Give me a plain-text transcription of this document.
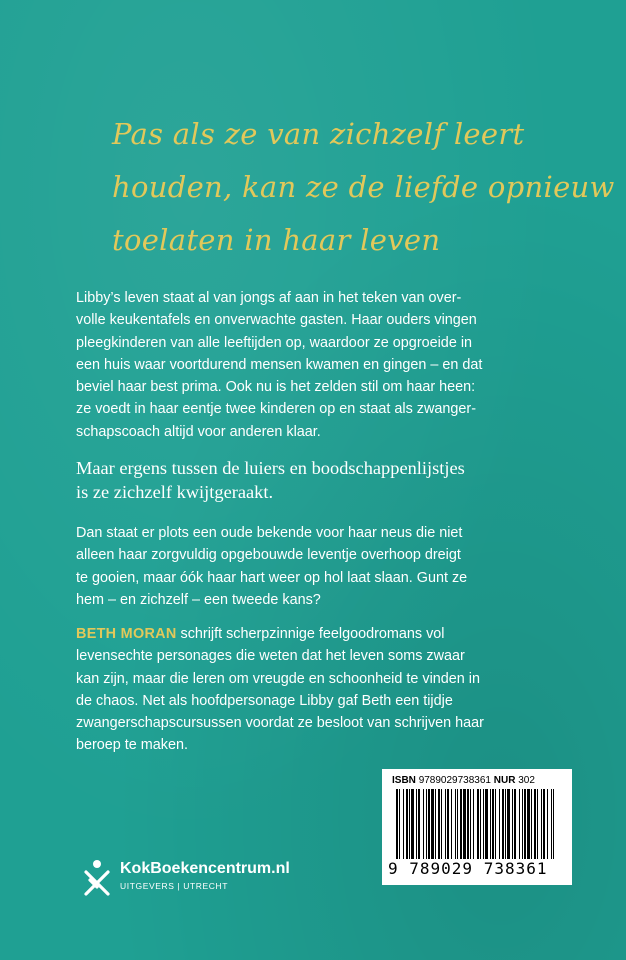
Pas als ze van zichzelf leert
houden, kan ze de liefde opnieuw
toelaten in haar leven

Libby’s leven staat al van jongs af aan in het teken van over-
volle keukentafels en onverwachte gasten. Haar ouders vingen
pleegkinderen van alle leeftijden op, waardoor ze opgroeide in
een huis waar voortdurend mensen kwamen en gingen – en dat
beviel haar best prima. Ook nu is het zelden stil om haar heen:
ze voedt in haar eentje twee kinderen op en staat als zwanger-
schapscoach altijd voor anderen klaar.

Maar ergens tussen de luiers en boodschappenlijstjes
is ze zichzelf kwijtgeraakt.

Dan staat er plots een oude bekende voor haar neus die niet
alleen haar zorgvuldig opgebouwde leventje overhoop dreigt
te gooien, maar óók haar hart weer op hol laat slaan. Gunt ze
hem – en zichzelf – een tweede kans?

BETH MORAN schrijft scherpzinnige feelgoodromans vol
levensechte personages die weten dat het leven soms zwaar
kan zijn, maar die leren om vreugde en schoonheid te vinden in
de chaos. Net als hoofdpersonage Libby gaf Beth een tijdje
zwangerschapscursussen voordat ze besloot van schrijven haar
beroep te maken.

ISBN 9789029738361 NUR 302
9 789029 738361
KokBoekencentrum.nl
UITGEVERS | UTRECHT
